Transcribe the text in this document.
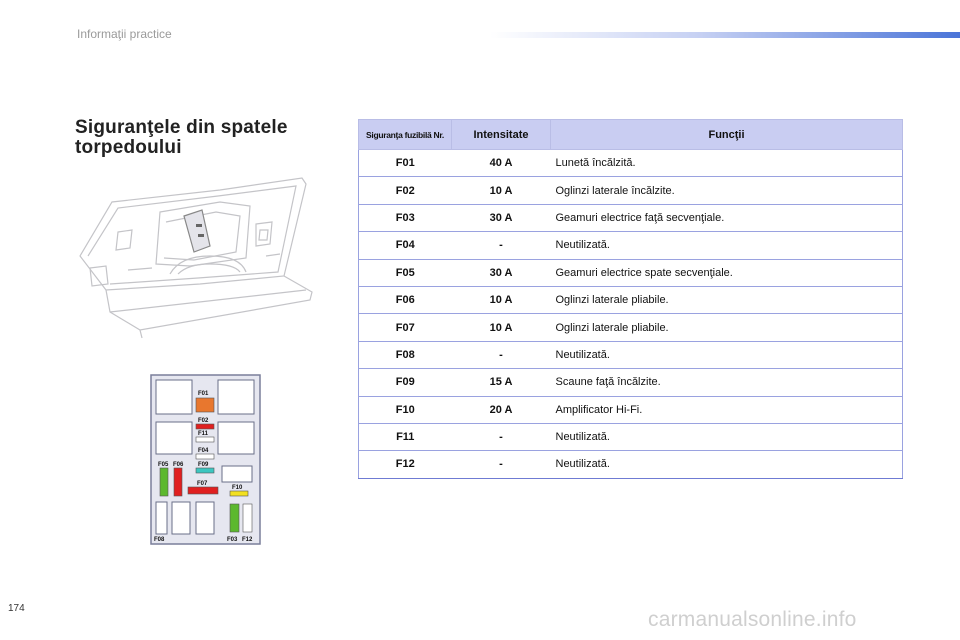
Informaţii practice
Siguranţele din spatele
torpedoului
F01
F02
F11
F04
F05 F06 F09
F07
F10
F08	F03 F12
Siguranţa fuzibilă Nr.	Intensitate	Funcţii
F01	40 A	Lunetă încălzită.
F02	10 A	Oglinzi laterale încălzite.
F03	30 A	Geamuri electrice faţă secvenţiale.
F04	-	Neutilizată.
F05	30 A	Geamuri electrice spate secvenţiale.
F06	10 A	Oglinzi laterale pliabile.
F07	10 A	Oglinzi laterale pliabile.
F08	-	Neutilizată.
F09	15 A	Scaune faţă încălzite.
F10	20 A	Amplificator Hi-Fi.
F11	-	Neutilizată.
F12	-	Neutilizată.
174	carmanualsonline.info
